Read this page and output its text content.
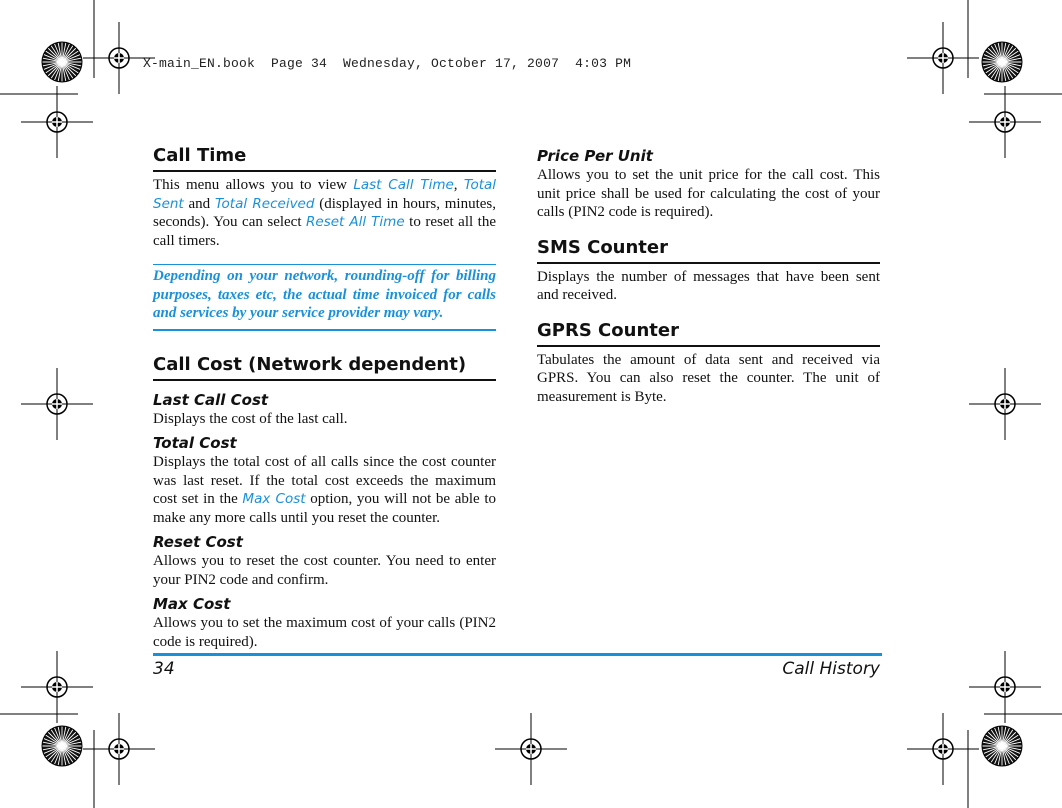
X-main_EN.book  Page 34  Wednesday, October 17, 2007  4:03 PM
Call Time

This menu allows you to view Last Call Time, Total Sent and Total Received (displayed in hours, minutes, seconds). You can select Reset All Time to reset all the call timers.

Depending on your network, rounding-off for billing purposes, taxes etc, the actual time invoiced for calls and services by your service provider may vary.
Call Cost (Network dependent)
Last Call Cost

Displays the cost of the last call.

Total Cost

Displays the total cost of all calls since the cost counter was last reset. If the total cost exceeds the maximum cost set in the Max Cost option, you will not be able to make any more calls until you reset the counter.

Reset Cost

Allows you to reset the cost counter. You need to enter your PIN2 code and confirm.

Max Cost

Allows you to set the maximum cost of your calls (PIN2 code is required).

Price Per Unit

Allows you to set the unit price for the call cost. This unit price shall be used for calculating the cost of your calls (PIN2 code is required).

SMS Counter

Displays the number of messages that have been sent and received.

GPRS Counter

Tabulates the amount of data sent and received via GPRS. You can also reset the counter. The unit of measurement is Byte.

34	Call History
